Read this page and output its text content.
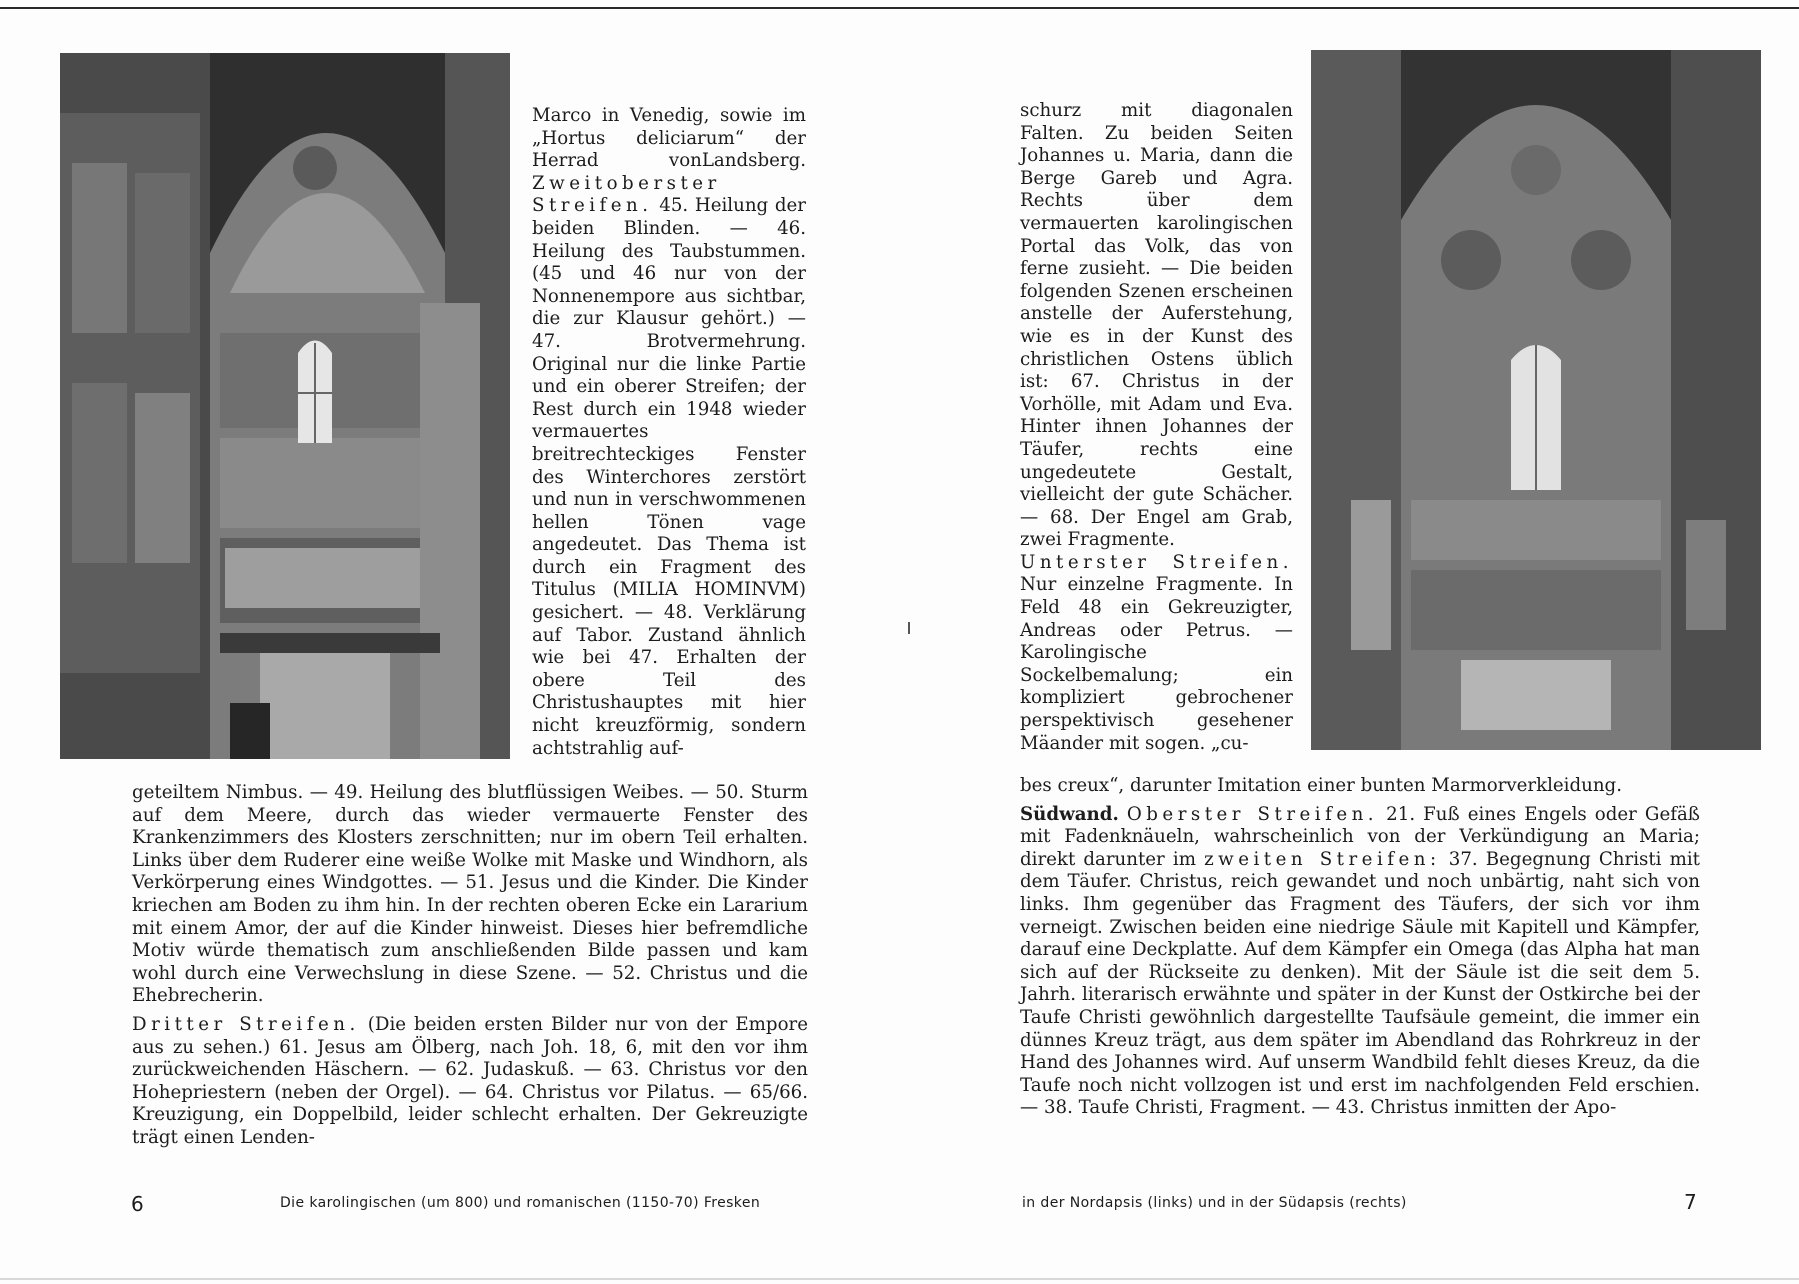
Marco in Venedig, sowie im „Hortus deliciarum“ der Herrad vonLandsberg. Zweitoberster Streifen. 45. Heilung der beiden Blinden. — 46. Heilung des Taubstummen. (45 und 46 nur von der Nonnenempore aus sichtbar, die zur Klausur gehört.) — 47. Brotvermehrung. Original nur die linke Partie und ein oberer Streifen; der Rest durch ein 1948 wieder vermauertes breitrechteckiges Fenster des Winterchores zerstört und nun in verschwommenen hellen Tönen vage angedeutet. Das Thema ist durch ein Fragment des Titulus (MILIA HOMINVM) gesichert. — 48. Verklärung auf Tabor. Zustand ähnlich wie bei 47. Erhalten der obere Teil des Christushauptes mit hier nicht kreuzförmig, sondern achtstrahlig auf-

geteiltem Nimbus. — 49. Heilung des blutflüssigen Weibes. — 50. Sturm auf dem Meere, durch das wieder vermauerte Fenster des Krankenzimmers des Klosters zerschnitten; nur im obern Teil erhalten. Links über dem Ruderer eine weiße Wolke mit Maske und Windhorn, als Verkörperung eines Windgottes. — 51. Jesus und die Kinder. Die Kinder kriechen am Boden zu ihm hin. In der rechten oberen Ecke ein Lararium mit einem Amor, der auf die Kinder hinweist. Dieses hier befremdliche Motiv würde thematisch zum anschließenden Bilde passen und kam wohl durch eine Verwechslung in diese Szene. — 52. Christus und die Ehebrecherin.

Dritter Streifen. (Die beiden ersten Bilder nur von der Empore aus zu sehen.) 61. Jesus am Ölberg, nach Joh. 18, 6, mit den vor ihm zurückweichenden Häschern. — 62. Judaskuß. — 63. Christus vor den Hohepriestern (neben der Orgel). — 64. Christus vor Pilatus. — 65/66. Kreuzigung, ein Doppelbild, leider schlecht erhalten. Der Gekreuzigte trägt einen Lenden-

6	Die karolingischen (um 800) und romanischen (1150-70) Fresken

schurz mit diagonalen Falten. Zu beiden Seiten Johannes u. Maria, dann die Berge Gareb und Agra. Rechts über dem vermauerten karolingischen Portal das Volk, das von ferne zusieht. — Die beiden folgenden Szenen erscheinen anstelle der Auferstehung, wie es in der Kunst des christlichen Ostens üblich ist: 67. Christus in der Vorhölle, mit Adam und Eva. Hinter ihnen Johannes der Täufer, rechts eine ungedeutete Gestalt, vielleicht der gute Schächer. — 68. Der Engel am Grab, zwei Fragmente.

Unterster Streifen. Nur einzelne Fragmente. In Feld 48 ein Gekreuzigter, Andreas oder Petrus. — Karolingische Sockelbemalung; ein kompliziert gebrochener perspektivisch gesehener Mäander mit sogen. „cu-

bes creux“, darunter Imitation einer bunten Marmorverkleidung.

Südwand. Oberster Streifen. 21. Fuß eines Engels oder Gefäß mit Fadenknäueln, wahrscheinlich von der Verkündigung an Maria; direkt darunter im zweiten Streifen: 37. Begegnung Christi mit dem Täufer. Christus, reich gewandet und noch unbärtig, naht sich von links. Ihm gegenüber das Fragment des Täufers, der sich vor ihm verneigt. Zwischen beiden eine niedrige Säule mit Kapitell und Kämpfer, darauf eine Deckplatte. Auf dem Kämpfer ein Omega (das Alpha hat man sich auf der Rückseite zu denken). Mit der Säule ist die seit dem 5. Jahrh. literarisch erwähnte und später in der Kunst der Ostkirche bei der Taufe Christi gewöhnlich dargestellte Taufsäule gemeint, die immer ein dünnes Kreuz trägt, aus dem später im Abendland das Rohrkreuz in der Hand des Johannes wird. Auf unserm Wandbild fehlt dieses Kreuz, da die Taufe noch nicht vollzogen ist und erst im nachfolgenden Feld erschien. — 38. Taufe Christi, Fragment. — 43. Christus inmitten der Apo-

in der Nordapsis (links) und in der Südapsis (rechts)	7
